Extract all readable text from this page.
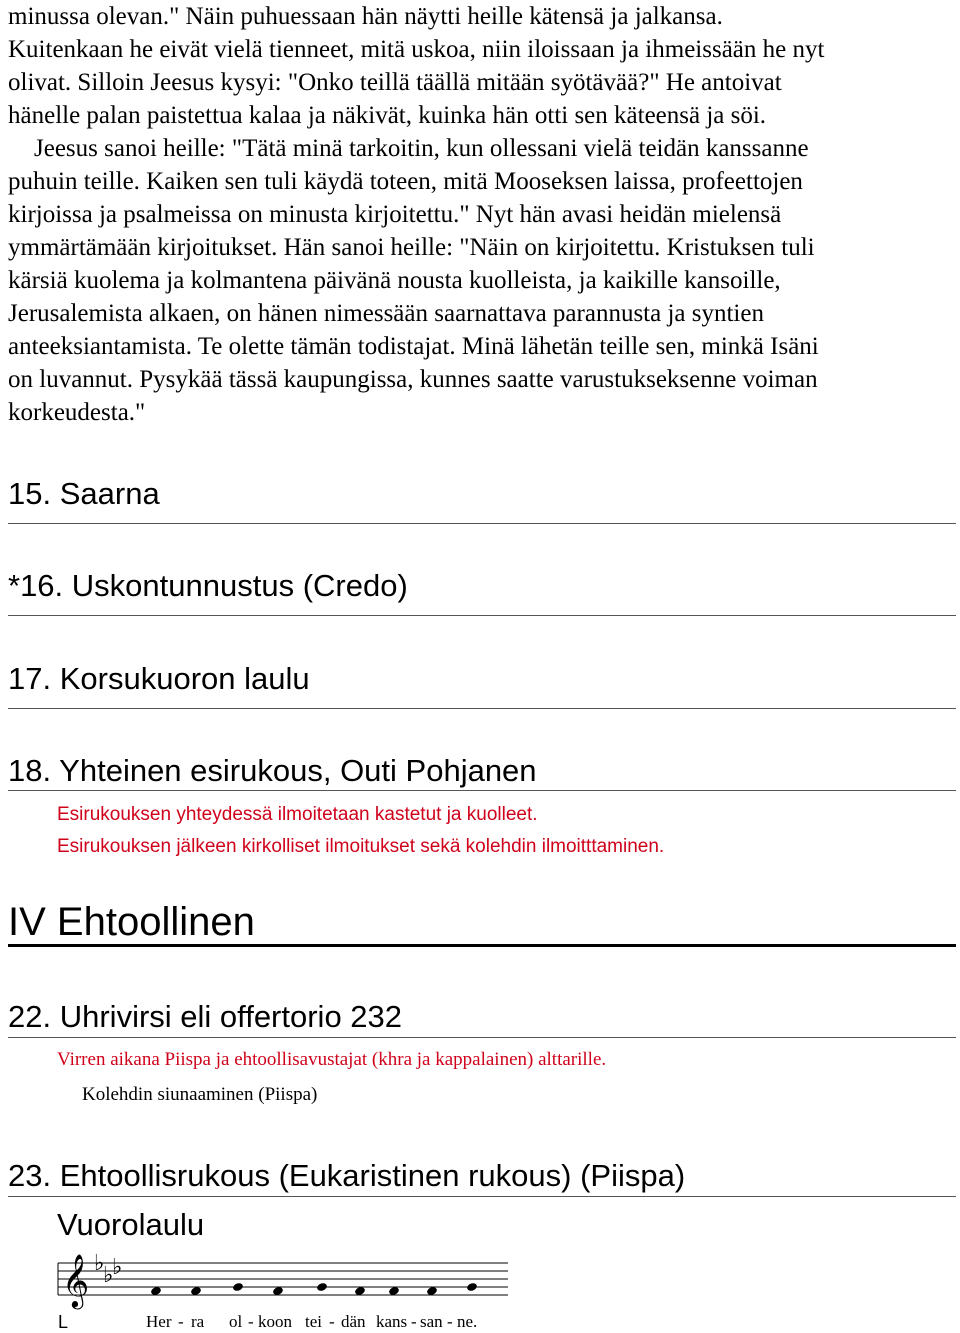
minussa olevan." Näin puhuessaan hän näytti heille kätensä ja jalkansa.
Kuitenkaan he eivät vielä tienneet, mitä uskoa, niin iloissaan ja ihmeissään he nyt
olivat. Silloin Jeesus kysyi: "Onko teillä täällä mitään syötävää?" He antoivat
hänelle palan paistettua kalaa ja näkivät, kuinka hän otti sen käteensä ja söi.
Jeesus sanoi heille: "Tätä minä tarkoitin, kun ollessani vielä teidän kanssanne
puhuin teille. Kaiken sen tuli käydä toteen, mitä Mooseksen laissa, profeettojen
kirjoissa ja psalmeissa on minusta kirjoitettu." Nyt hän avasi heidän mielensä
ymmärtämään kirjoitukset. Hän sanoi heille: "Näin on kirjoitettu. Kristuksen tuli
kärsiä kuolema ja kolmantena päivänä nousta kuolleista, ja kaikille kansoille,
Jerusalemista alkaen, on hänen nimessään saarnattava parannusta ja syntien
anteeksiantamista. Te olette tämän todistajat. Minä lähetän teille sen, minkä Isäni
on luvannut. Pysykää tässä kaupungissa, kunnes saatte varustukseksenne voiman
korkeudesta."
15. Saarna
*16. Uskontunnustus (Credo)
17. Korsukuoron laulu
18. Yhteinen esirukous, Outi Pohjanen
Esirukouksen yhteydessä ilmoitetaan kastetut ja kuolleet.
Esirukouksen jälkeen kirkolliset ilmoitukset sekä kolehdin ilmoitttaminen.
IV Ehtoollinen
22. Uhrivirsi eli offertorio 232
Virren aikana Piispa ja ehtoollisavustajat (khra ja kappalainen) alttarille.
Kolehdin siunaaminen (Piispa)
23. Ehtoollisrukous (Eukaristinen rukous) (Piispa)
Vuorolaulu
𝄞 ♭
♭
♭
L	Her - ra ol - koon tei - dän kans - san - ne.
